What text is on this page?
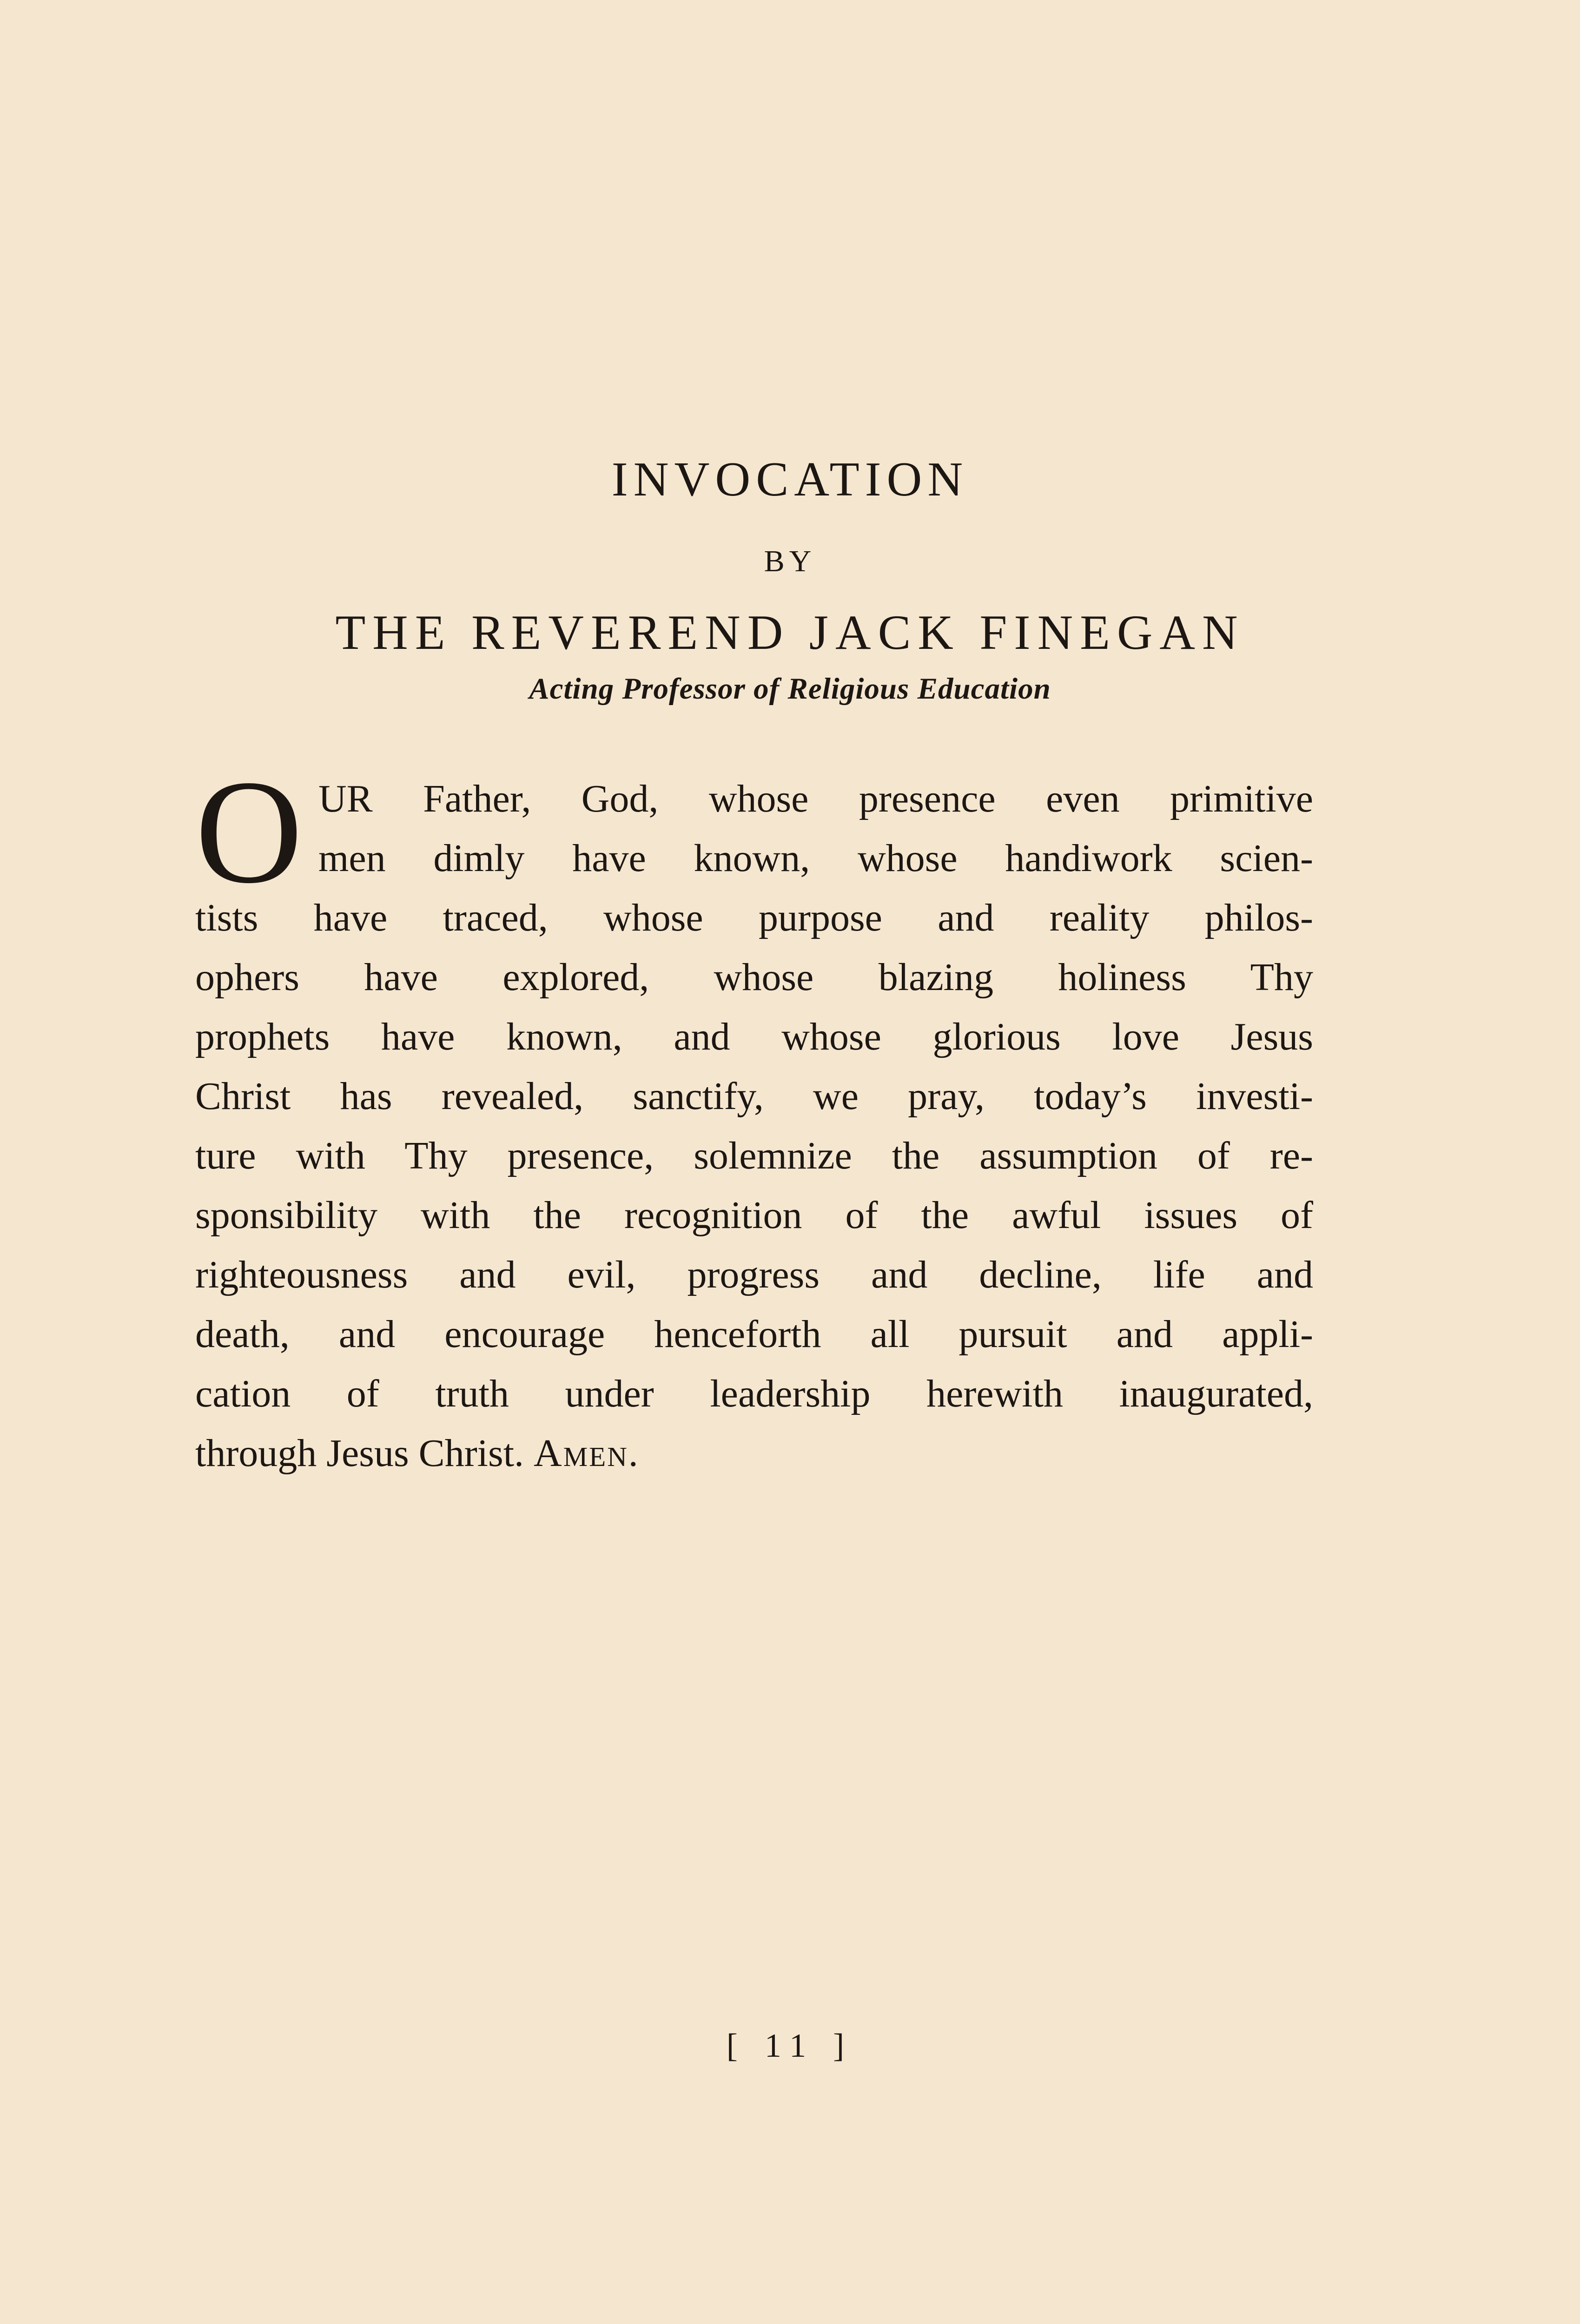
INVOCATION
BY
THE REVEREND JACK FINEGAN
Acting Professor of Religious Education
O UR Father, God, whose presence even primitive
men dimly have known, whose handiwork scien-
tists have traced, whose purpose and reality philos-
ophers have explored, whose blazing holiness Thy
prophets have known, and whose glorious love Jesus
Christ has revealed, sanctify, we pray, today’s investi-
ture with Thy presence, solemnize the assumption of re-
sponsibility with the recognition of the awful issues of
righteousness and evil, progress and decline, life and
death, and encourage henceforth all pursuit and appli-
cation of truth under leadership herewith inaugurated,
through Jesus Christ. Amen.
[ 11 ]
